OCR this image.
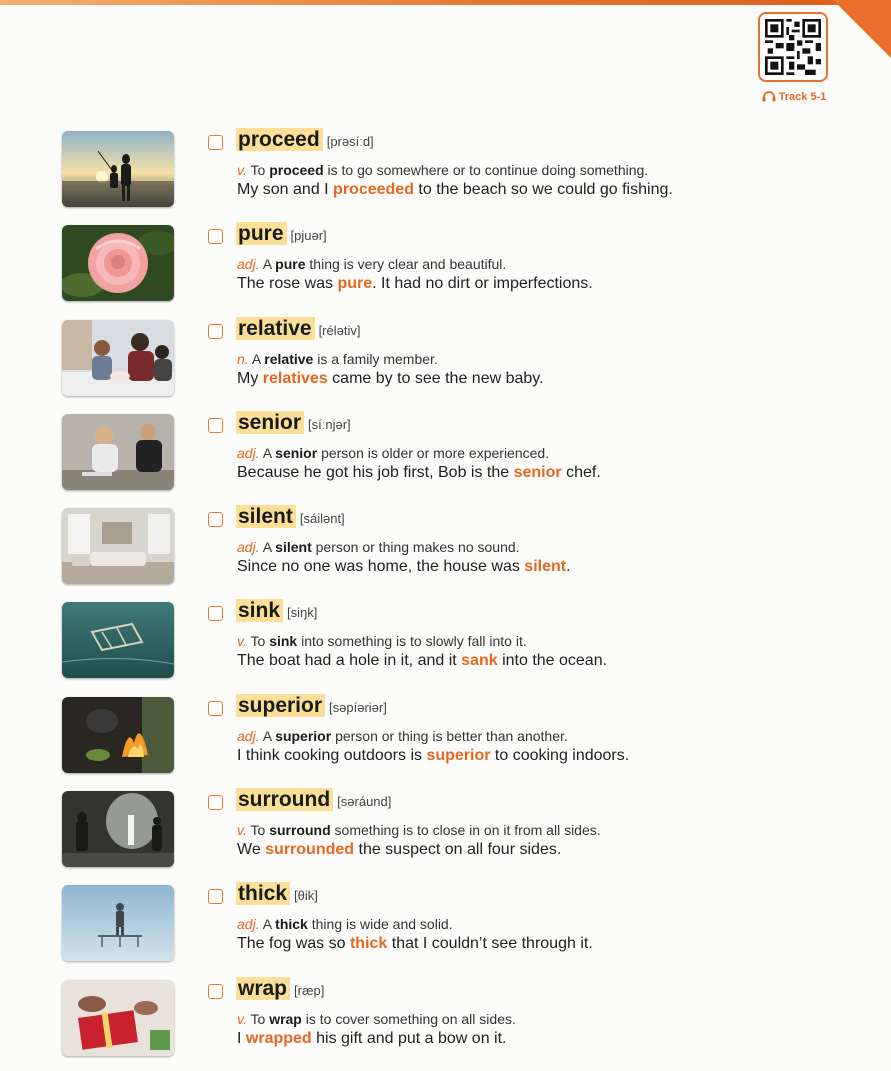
Track 5-1
proceed [prəsíːd]
v. To proceed is to go somewhere or to continue doing something.
My son and I proceeded to the beach so we could go fishing.
pure [pjuər]
adj. A pure thing is very clear and beautiful.
The rose was pure. It had no dirt or imperfections.
relative [rélətiv]
n. A relative is a family member.
My relatives came by to see the new baby.
senior [síːnjər]
adj. A senior person is older or more experienced.
Because he got his job first, Bob is the senior chef.
silent [sáilənt]
adj. A silent person or thing makes no sound.
Since no one was home, the house was silent.
sink [siŋk]
v. To sink into something is to slowly fall into it.
The boat had a hole in it, and it sank into the ocean.
superior [səpíəriər]
adj. A superior person or thing is better than another.
I think cooking outdoors is superior to cooking indoors.
surround [səráund]
v. To surround something is to close in on it from all sides.
We surrounded the suspect on all four sides.
thick [θik]
adj. A thick thing is wide and solid.
The fog was so thick that I couldn’t see through it.
wrap [ræp]
v. To wrap is to cover something on all sides.
I wrapped his gift and put a bow on it.
